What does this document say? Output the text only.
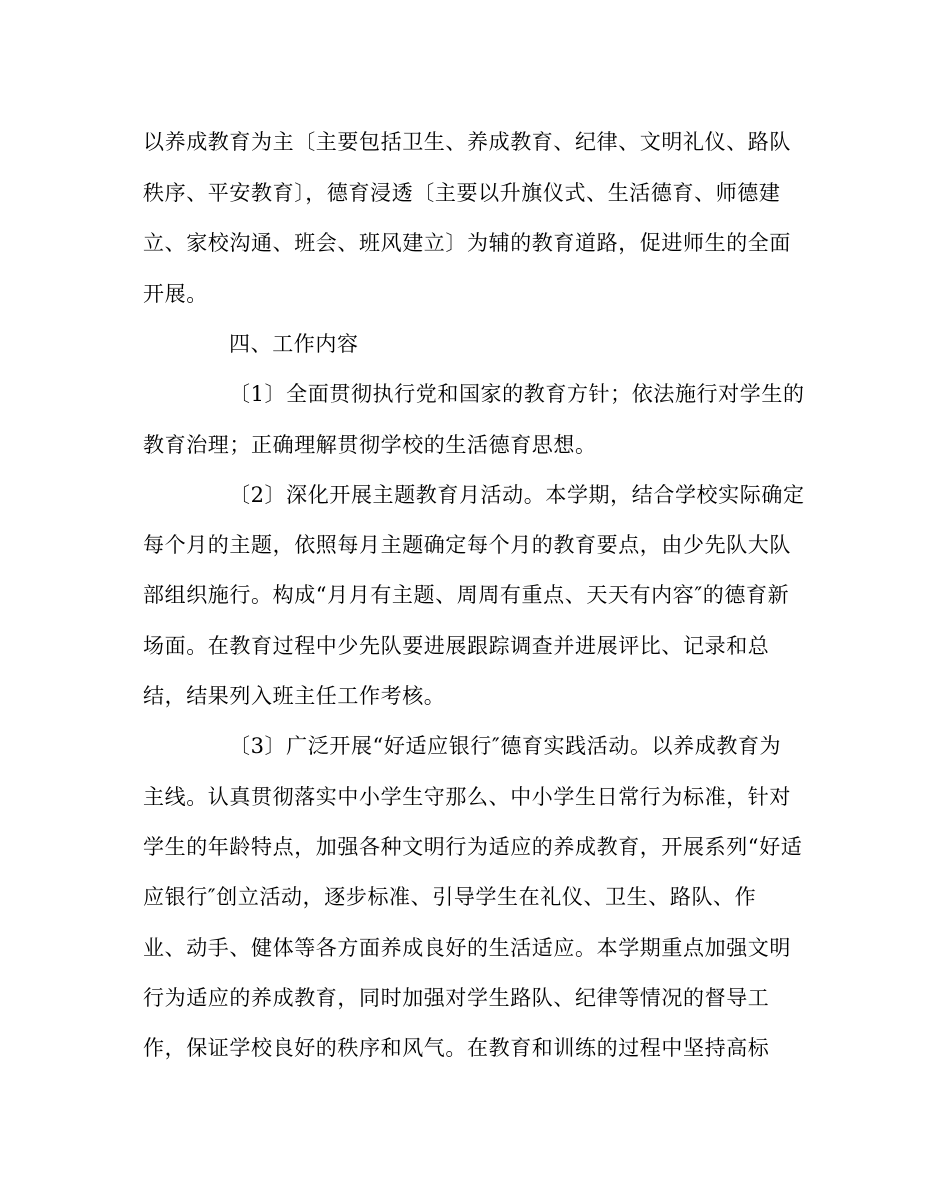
以养成教育为主〔主要包括卫生、养成教育、纪律、文明礼仪、路队
秩序、平安教育〕，德育浸透〔主要以升旗仪式、生活德育、师德建
立、家校沟通、班会、班风建立〕为辅的教育道路，促进师生的全面
开展。
四、工作内容
〔1〕全面贯彻执行党和国家的教育方针；依法施行对学生的
教育治理；正确理解贯彻学校的生活德育思想。
〔2〕深化开展主题教育月活动。本学期，结合学校实际确定
每个月的主题，依照每月主题确定每个月的教育要点，由少先队大队
部组织施行。构成“月月有主题、周周有重点、天天有内容″的德育新
场面。在教育过程中少先队要进展跟踪调查并进展评比、记录和总
结，结果列入班主任工作考核。
〔3〕广泛开展“好适应银行″德育实践活动。以养成教育为
主线。认真贯彻落实中小学生守那么、中小学生日常行为标准，针对
学生的年龄特点，加强各种文明行为适应的养成教育，开展系列“好适
应银行″创立活动，逐步标准、引导学生在礼仪、卫生、路队、作
业、动手、健体等各方面养成良好的生活适应。本学期重点加强文明
行为适应的养成教育，同时加强对学生路队、纪律等情况的督导工
作，保证学校良好的秩序和风气。在教育和训练的过程中坚持高标
